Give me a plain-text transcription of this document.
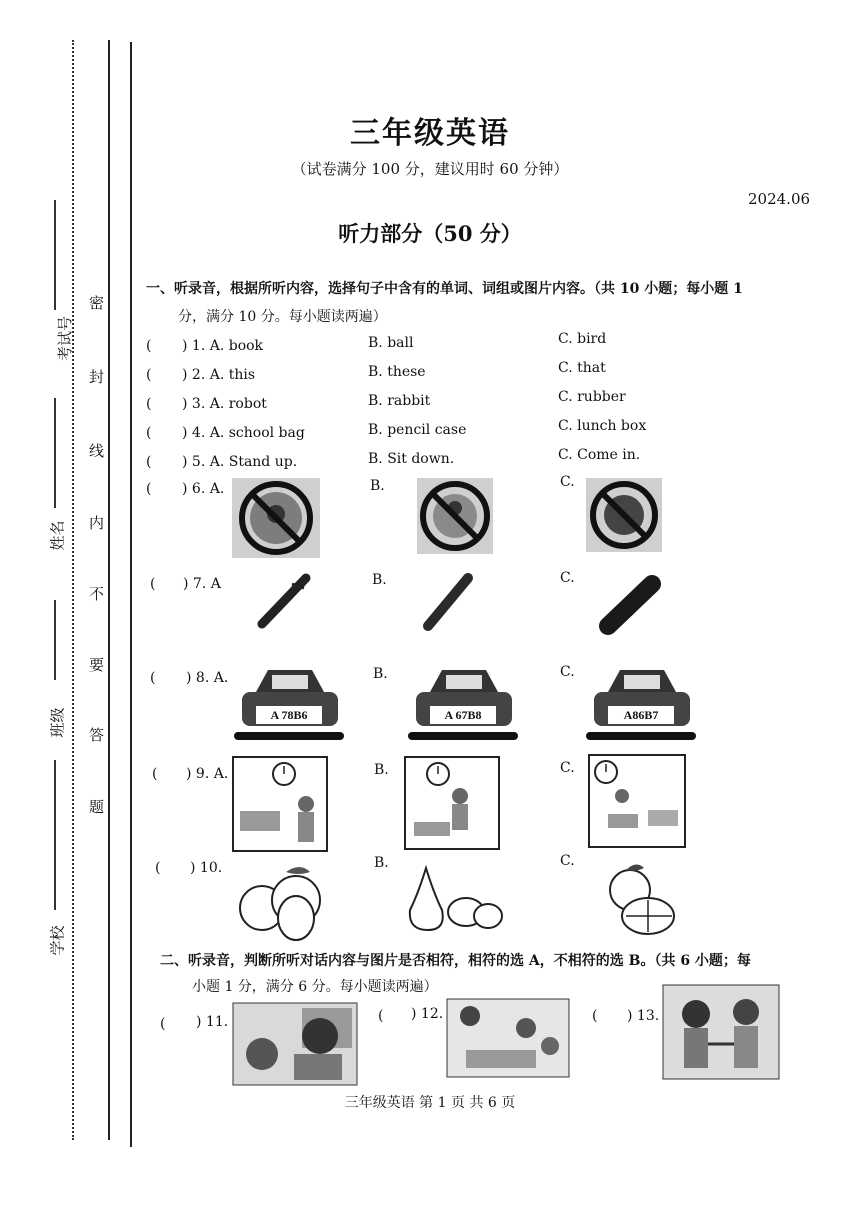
考试号
姓名
班级
学校
密
封
线
内
不
要
答
题
三年级英语
（试卷满分 100 分，建议用时 60 分钟）
2024.06
听力部分（50 分）
一、听录音，根据所听内容，选择句子中含有的单词、词组或图片内容。（共 10 小题；每小题 1
分，满分 10 分。每小题读两遍）
( ) 1. A. book	B. ball	C. bird
( ) 2. A. this	B. these	C. that
( ) 3. A. robot	B. rabbit	C. rubber
( ) 4. A. school bag	B. pencil case	C. lunch box
( ) 5. A. Stand up.	B. Sit down.	C. Come in.
( ) 6. A.	B.	C.
( ) 7. A	B.	C.
( ) 8. A.
A 78B6
B.
A 67B8
C.
A86B7
( ) 9. A.	B.	C.
( ) 10.	B.	C.
二、听录音，判断所听对话内容与图片是否相符，相符的选 A，不相符的选 B。（共 6 小题；每
小题 1 分，满分 6 分。每小题读两遍）
( ) 11.	( ) 12.	( ) 13.
三年级英语 第 1 页 共 6 页
